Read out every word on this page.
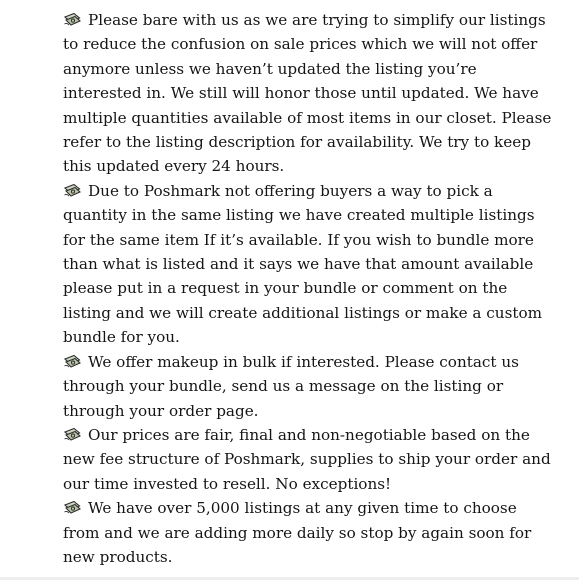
Please bare with us as we are trying to simplify our listings to reduce the confusion on sale prices which we will not offer anymore unless we haven’t updated the listing you’re interested in. We still will honor those until updated. We have multiple quantities available of most items in our closet. Please refer to the listing description for availability. We try to keep this updated every 24 hours.

Due to Poshmark not offering buyers a way to pick a quantity in the same listing we have created multiple listings for the same item If it’s available. If you wish to bundle more than what is listed and it says we have that amount available please put in a request in your bundle or comment on the listing and we will create additional listings or make a custom bundle for you.

We offer makeup in bulk if interested. Please contact us through your bundle, send us a message on the listing or through your order page.

Our prices are fair, final and non-negotiable based on the new fee structure of Poshmark, supplies to ship your order and our time invested to resell. No exceptions!

We have over 5,000 listings at any given time to choose from and we are adding more daily so stop by again soon for new products.
